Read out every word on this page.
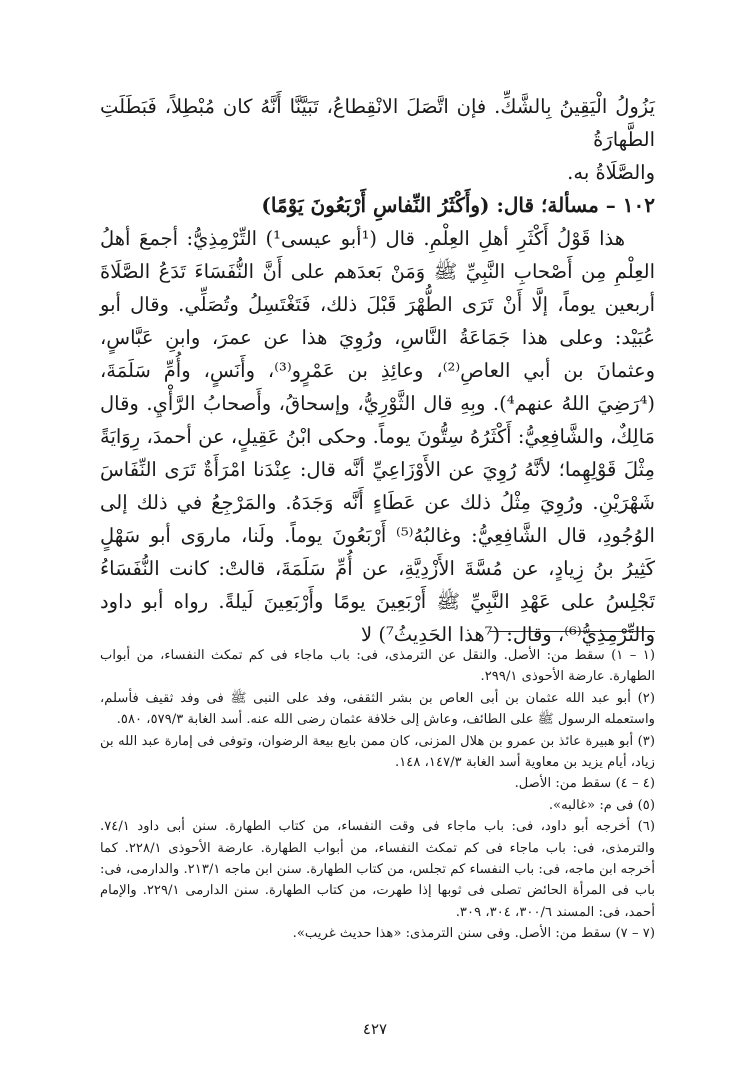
يَزُولُ الْيَقِينُ بِالشَّكِّ. فإن اتَّصَلَ الانْقِطاعُ، تَبَيَّنَّا أَنَّهُ كان مُبْطِلاً، فَبَطَلَتِ الطَّهارَةُ

والصَّلَاةُ به.

١٠٢ – مسألة؛ قال: (وأَكْثَرُ النِّفاسِ أَرْبَعُونَ يَوْمًا)

هذا قَوْلُ أَكْثَرِ أهلِ العِلْمِ. قال (¹أبو عيسى¹) التِّرْمِذِيُّ: أجمعَ أهلُ العِلْمِ مِن أَصْحابِ النَّبِيِّ ﷺ وَمَنْ بَعدَهم على أَنَّ النُّفَسَاءَ تَدَعُ الصَّلَاةَ أربعين يوماً، إلَّا أَنْ تَرَى الطُّهْرَ قَبْلَ ذلك، فَتَغْتَسِلُ وتُصَلِّي. وقال أبو عُبَيْد: وعلى هذا جَمَاعَةُ النَّاسِ، ورُوِيَ هذا عن عمرَ، وابنِ عَبَّاسٍ، وعثمانَ بن أبي العاصِ⁽²⁾، وعائِذِ بن عَمْرٍو⁽³⁾، وأَنَسٍ، وأُمِّ سَلَمَةَ، (⁴رَضِيَ اللهُ عنهم⁴). وبِهِ قال الثَّوْرِيُّ، وإسحاقُ، وأَصحابُ الرَّأْيِ. وقال مَالِكٌ، والشَّافِعِيُّ: أَكْثَرُهُ سِتُّونَ يوماً. وحكى ابْنُ عَقِيلٍ، عن أحمدَ، رِوَايَةً مِثْلَ قَوْلِهِما؛ لأنَّهُ رُوِيَ عن الأَوْزَاعِيِّ أنَّه قال: عِنْدَنا امْرَأَةٌ تَرَى النِّفَاسَ شَهْرَيْنِ. ورُوِيَ مِثْلُ ذلك عن عَطَاءٍ أَنَّه وَجَدَهُ. والمَرْجِعُ في ذلك إلى الوُجُودِ، قال الشَّافِعِيُّ: وغالبُهُ⁽⁵⁾ أَرْبَعُونَ يوماً. ولَنا، ماروَى أبو سَهْلٍ كَثِيرُ بنُ زِيادٍ، عن مُسَّةَ الأَزْدِيَّةِ، عن أُمِّ سَلَمَةَ، قالتْ: كانت النُّفَسَاءُ تَجْلِسُ على عَهْدِ النَّبِيِّ ﷺ أَرْبَعِينَ يومًا وأَرْبَعِينَ لَيلةً. رواه أبو داود والتِّرْمِذِيُّ⁽⁶⁾، وقال: (⁷هذا الحَدِيثُ⁷) لا

(١ – ١) سقط من: الأصل. والنقل عن الترمذى، فى: باب ماجاء فى كم تمكث النفساء، من أبواب الطهارة. عارضة الأحوذى ٢٩٩/١.

(٢) أبو عبد الله عثمان بن أبى العاص بن بشر الثقفى، وفد على النبى ﷺ فى وفد ثقيف فأسلم، واستعمله الرسول ﷺ على الطائف، وعاش إلى خلافة عثمان رضى الله عنه. أسد الغابة ٥٧٩/٣، ٥٨٠.

(٣) أبو هبيرة عائذ بن عمرو بن هلال المزنى، كان ممن بايع بيعة الرضوان، وتوفى فى إمارة عبد الله بن زياد، أيام يزيد بن معاوية أسد الغابة ١٤٧/٣، ١٤٨.

(٤ – ٤) سقط من: الأصل.

(٥) فى م: «غالبه».

(٦) أخرجه أبو داود، فى: باب ماجاء فى وقت النفساء، من كتاب الطهارة. سنن أبى داود ٧٤/١. والترمذى، فى: باب ماجاء فى كم تمكث النفساء، من أبواب الطهارة. عارضة الأحوذى ٢٢٨/١. كما أخرجه ابن ماجه، فى: باب النفساء كم تجلس، من كتاب الطهارة. سنن ابن ماجه ٢١٣/١. والدارمى، فى: باب فى المرأة الحائض تصلى فى ثوبها إذا طهرت، من كتاب الطهارة. سنن الدارمى ٢٢٩/١. والإمام أحمد، فى: المسند ٣٠٠/٦، ٣٠٤، ٣٠٩.

(٧ – ٧) سقط من: الأصل. وفى سنن الترمذى: «هذا حديث غريب».

٤٢٧
